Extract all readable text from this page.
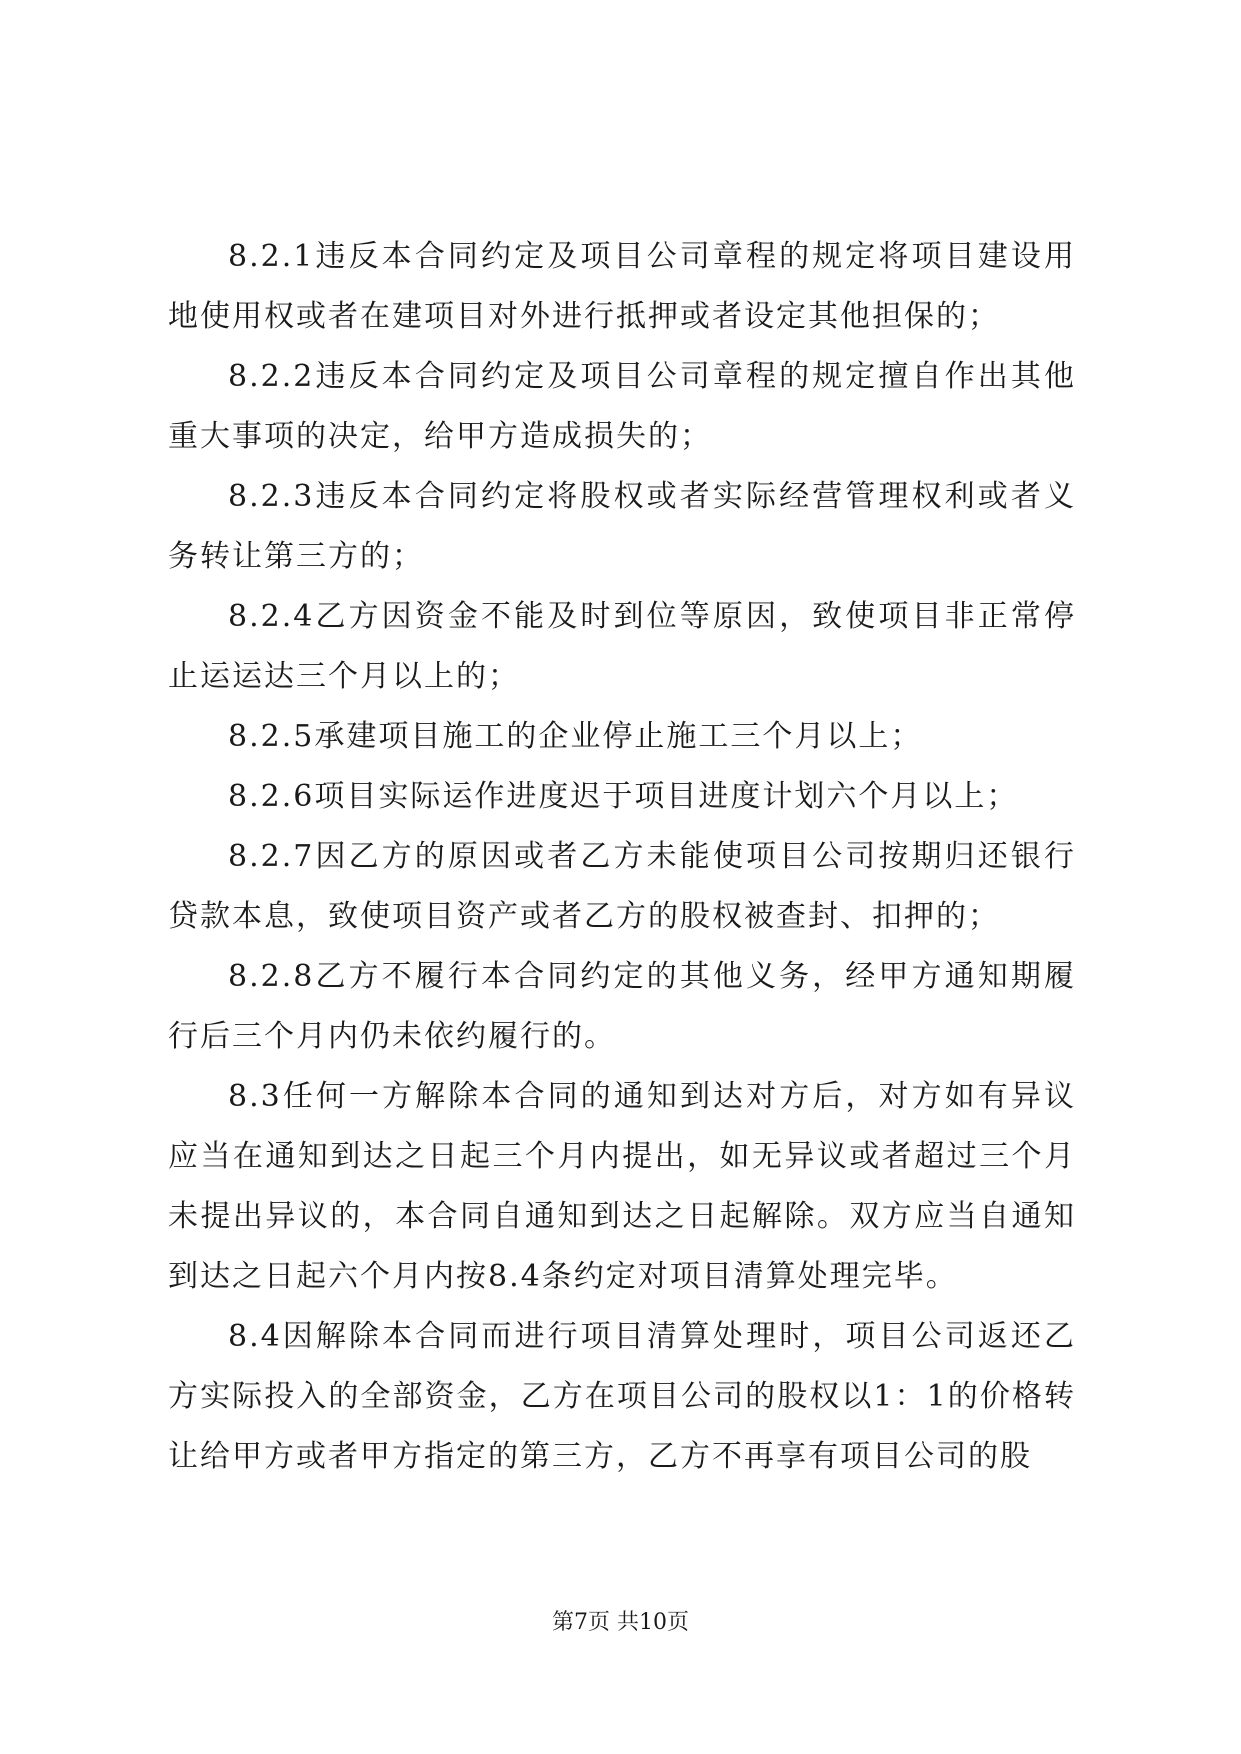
8.2.1违反本合同约定及项目公司章程的规定将项目建设用地使用权或者在建项目对外进行抵押或者设定其他担保的；

8.2.2违反本合同约定及项目公司章程的规定擅自作出其他重大事项的决定，给甲方造成损失的；

8.2.3违反本合同约定将股权或者实际经营管理权利或者义务转让第三方的；

8.2.4乙方因资金不能及时到位等原因，致使项目非正常停止运运达三个月以上的；

8.2.5承建项目施工的企业停止施工三个月以上；

8.2.6项目实际运作进度迟于项目进度计划六个月以上；

8.2.7因乙方的原因或者乙方未能使项目公司按期归还银行贷款本息，致使项目资产或者乙方的股权被查封、扣押的；

8.2.8乙方不履行本合同约定的其他义务，经甲方通知期履行后三个月内仍未依约履行的。

8.3任何一方解除本合同的通知到达对方后，对方如有异议应当在通知到达之日起三个月内提出，如无异议或者超过三个月未提出异议的，本合同自通知到达之日起解除。双方应当自通知到达之日起六个月内按8.4条约定对项目清算处理完毕。

8.4因解除本合同而进行项目清算处理时，项目公司返还乙方实际投入的全部资金，乙方在项目公司的股权以1：1的价格转让给甲方或者甲方指定的第三方，乙方不再享有项目公司的股

第7页 共10页
